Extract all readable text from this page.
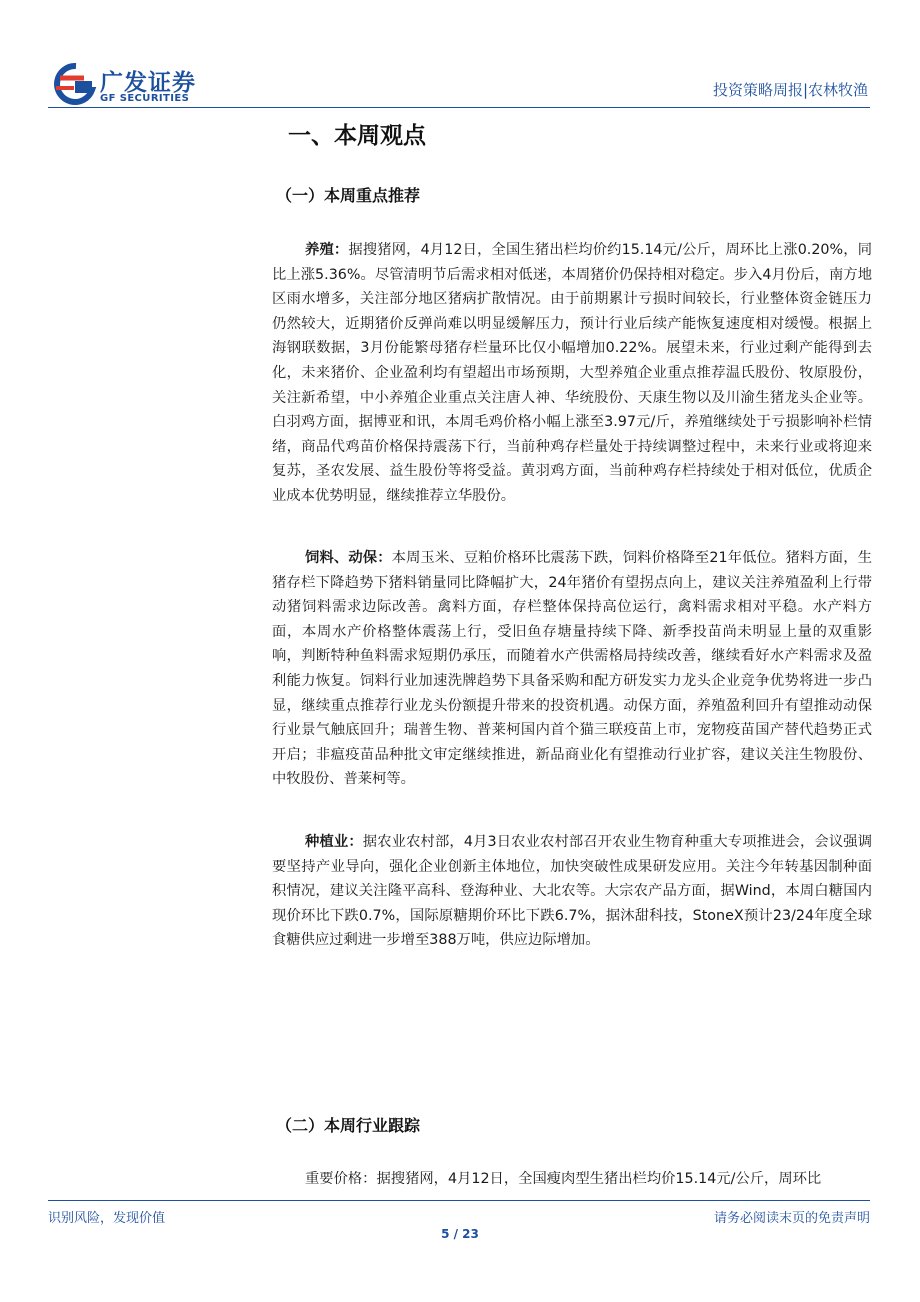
广发证券
GF SECURITIES	投资策略周报|农林牧渔
一、本周观点
（一）本周重点推荐

养殖：据搜猪网，4月12日，全国生猪出栏均价约15.14元/公斤，周环比上涨0.20%，同比上涨5.36%。尽管清明节后需求相对低迷，本周猪价仍保持相对稳定。步入4月份后，南方地区雨水增多，关注部分地区猪病扩散情况。由于前期累计亏损时间较长，行业整体资金链压力仍然较大，近期猪价反弹尚难以明显缓解压力，预计行业后续产能恢复速度相对缓慢。根据上海钢联数据，3月份能繁母猪存栏量环比仅小幅增加0.22%。展望未来，行业过剩产能得到去化，未来猪价、企业盈利均有望超出市场预期，大型养殖企业重点推荐温氏股份、牧原股份，关注新希望，中小养殖企业重点关注唐人神、华统股份、天康生物以及川渝生猪龙头企业等。白羽鸡方面，据博亚和讯，本周毛鸡价格小幅上涨至3.97元/斤，养殖继续处于亏损影响补栏情绪，商品代鸡苗价格保持震荡下行，当前种鸡存栏量处于持续调整过程中，未来行业或将迎来复苏，圣农发展、益生股份等将受益。黄羽鸡方面，当前种鸡存栏持续处于相对低位，优质企业成本优势明显，继续推荐立华股份。

饲料、动保：本周玉米、豆粕价格环比震荡下跌，饲料价格降至21年低位。猪料方面，生猪存栏下降趋势下猪料销量同比降幅扩大，24年猪价有望拐点向上，建议关注养殖盈利上行带动猪饲料需求边际改善。禽料方面，存栏整体保持高位运行，禽料需求相对平稳。水产料方面，本周水产价格整体震荡上行，受旧鱼存塘量持续下降、新季投苗尚未明显上量的双重影响，判断特种鱼料需求短期仍承压，而随着水产供需格局持续改善，继续看好水产料需求及盈利能力恢复。饲料行业加速洗牌趋势下具备采购和配方研发实力龙头企业竞争优势将进一步凸显，继续重点推荐行业龙头份额提升带来的投资机遇。动保方面，养殖盈利回升有望推动动保行业景气触底回升；瑞普生物、普莱柯国内首个猫三联疫苗上市，宠物疫苗国产替代趋势正式开启；非瘟疫苗品种批文审定继续推进，新品商业化有望推动行业扩容，建议关注生物股份、中牧股份、普莱柯等。

种植业：据农业农村部，4月3日农业农村部召开农业生物育种重大专项推进会，会议强调要坚持产业导向，强化企业创新主体地位，加快突破性成果研发应用。关注今年转基因制种面积情况，建议关注隆平高科、登海种业、大北农等。大宗农产品方面，据Wind，本周白糖国内现价环比下跌0.7%，国际原糖期价环比下跌6.7%，据沐甜科技，StoneX预计23/24年度全球食糖供应过剩进一步增至388万吨，供应边际增加。

（二）本周行业跟踪

重要价格：据搜猪网，4月12日，全国瘦肉型生猪出栏均价15.14元/公斤，周环比

识别风险，发现价值	请务必阅读末页的免责声明
5 / 23
